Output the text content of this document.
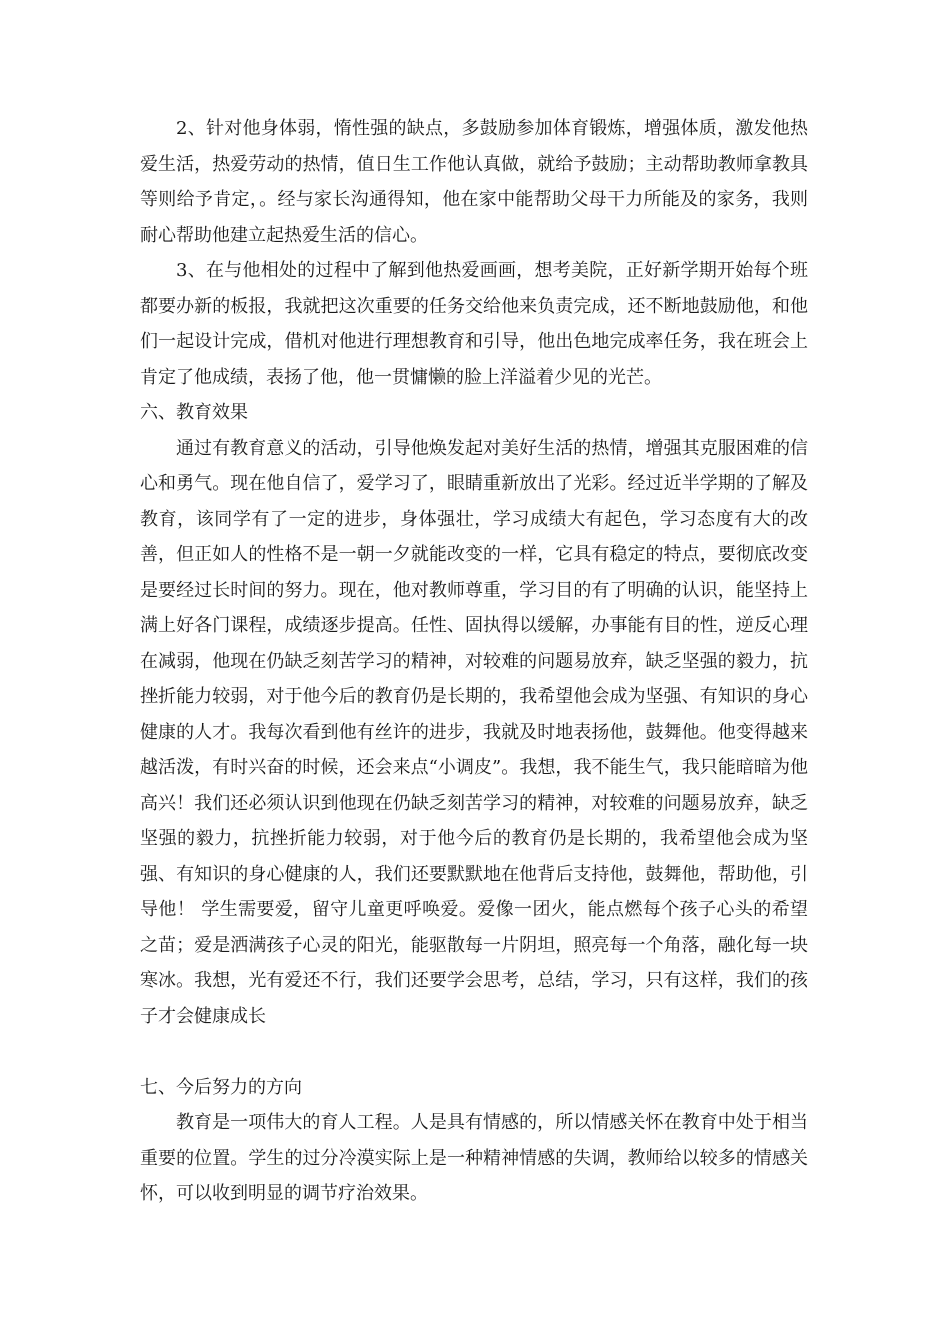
2、针对他身体弱，惰性强的缺点，多鼓励参加体育锻炼，增强体质，激发他热爱生活，热爱劳动的热情，值日生工作他认真做，就给予鼓励；主动帮助教师拿教具等则给予肯定，。经与家长沟通得知，他在家中能帮助父母干力所能及的家务，我则耐心帮助他建立起热爱生活的信心。

3、在与他相处的过程中了解到他热爱画画，想考美院，正好新学期开始每个班都要办新的板报，我就把这次重要的任务交给他来负责完成，还不断地鼓励他，和他们一起设计完成，借机对他进行理想教育和引导，他出色地完成率任务，我在班会上肯定了他成绩，表扬了他，他一贯慵懒的脸上洋溢着少见的光芒。

六、教育效果

通过有教育意义的活动，引导他焕发起对美好生活的热情，增强其克服困难的信心和勇气。现在他自信了，爱学习了，眼睛重新放出了光彩。经过近半学期的了解及教育，该同学有了一定的进步，身体强壮，学习成绩大有起色，学习态度有大的改善，但正如人的性格不是一朝一夕就能改变的一样，它具有稳定的特点，要彻底改变是要经过长时间的努力。现在，他对教师尊重，学习目的有了明确的认识，能坚持上满上好各门课程，成绩逐步提高。任性、固执得以缓解，办事能有目的性，逆反心理在减弱，他现在仍缺乏刻苦学习的精神，对较难的问题易放弃，缺乏坚强的毅力，抗挫折能力较弱，对于他今后的教育仍是长期的，我希望他会成为坚强、有知识的身心健康的人才。我每次看到他有丝许的进步，我就及时地表扬他，鼓舞他。他变得越来越活泼，有时兴奋的时候，还会来点“小调皮”。我想，我不能生气，我只能暗暗为他高兴！我们还必须认识到他现在仍缺乏刻苦学习的精神，对较难的问题易放弃，缺乏坚强的毅力，抗挫折能力较弱，对于他今后的教育仍是长期的，我希望他会成为坚强、有知识的身心健康的人，我们还要默默地在他背后支持他，鼓舞他，帮助他，引导他！ 学生需要爱，留守儿童更呼唤爱。爱像一团火，能点燃每个孩子心头的希望之苗；爱是洒满孩子心灵的阳光，能驱散每一片阴坦，照亮每一个角落，融化每一块寒冰。我想，光有爱还不行，我们还要学会思考，总结，学习，只有这样，我们的孩子才会健康成长

七、今后努力的方向

教育是一项伟大的育人工程。人是具有情感的，所以情感关怀在教育中处于相当重要的位置。学生的过分冷漠实际上是一种精神情感的失调，教师给以较多的情感关怀，可以收到明显的调节疗治效果。
